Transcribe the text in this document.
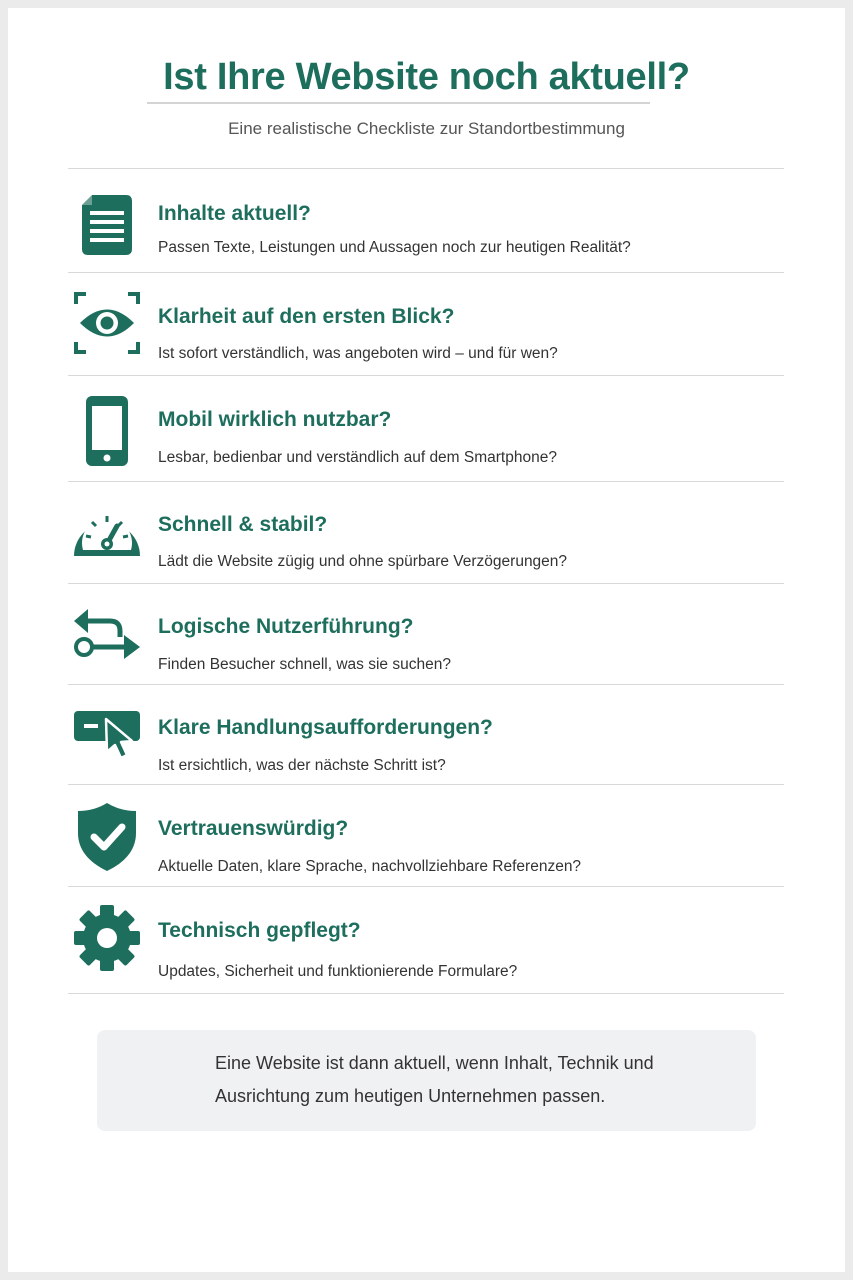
Ist Ihre Website noch aktuell?
Eine realistische Checkliste zur Standortbestimmung
Inhalte aktuell?
Passen Texte, Leistungen und Aussagen noch zur heutigen Realität?
Klarheit auf den ersten Blick?
Ist sofort verständlich, was angeboten wird – und für wen?
Mobil wirklich nutzbar?
Lesbar, bedienbar und verständlich auf dem Smartphone?
Schnell & stabil?
Lädt die Website zügig und ohne spürbare Verzögerungen?
Logische Nutzerführung?
Finden Besucher schnell, was sie suchen?
Klare Handlungsaufforderungen?
Ist ersichtlich, was der nächste Schritt ist?
Vertrauenswürdig?
Aktuelle Daten, klare Sprache, nachvollziehbare Referenzen?
Technisch gepflegt?
Updates, Sicherheit und funktionierende Formulare?

Eine Website ist dann aktuell, wenn Inhalt, Technik und Ausrichtung zum heutigen Unternehmen passen.
